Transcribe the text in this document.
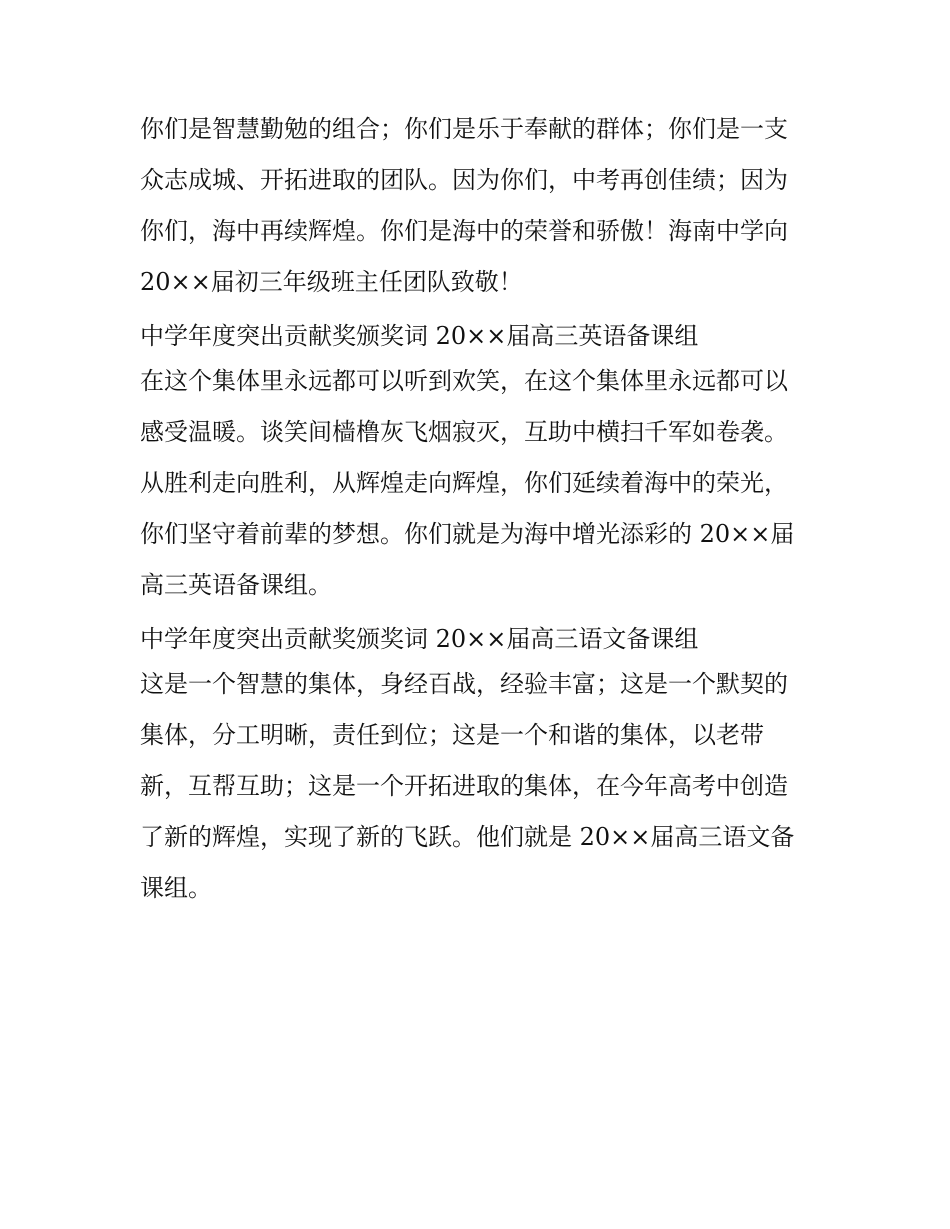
你们是智慧勤勉的组合；你们是乐于奉献的群体；你们是一支

众志成城、开拓进取的团队。因为你们，中考再创佳绩；因为

你们，海中再续辉煌。你们是海中的荣誉和骄傲！海南中学向

20××届初三年级班主任团队致敬！

中学年度突出贡献奖颁奖词 20××届高三英语备课组

在这个集体里永远都可以听到欢笑，在这个集体里永远都可以

感受温暖。谈笑间樯橹灰飞烟寂灭，互助中横扫千军如卷袭。

从胜利走向胜利，从辉煌走向辉煌，你们延续着海中的荣光，

你们坚守着前辈的梦想。你们就是为海中增光添彩的 20××届

高三英语备课组。

中学年度突出贡献奖颁奖词 20××届高三语文备课组

这是一个智慧的集体，身经百战，经验丰富；这是一个默契的

集体，分工明晰，责任到位；这是一个和谐的集体，以老带

新，互帮互助；这是一个开拓进取的集体，在今年高考中创造

了新的辉煌，实现了新的飞跃。他们就是 20××届高三语文备

课组。
